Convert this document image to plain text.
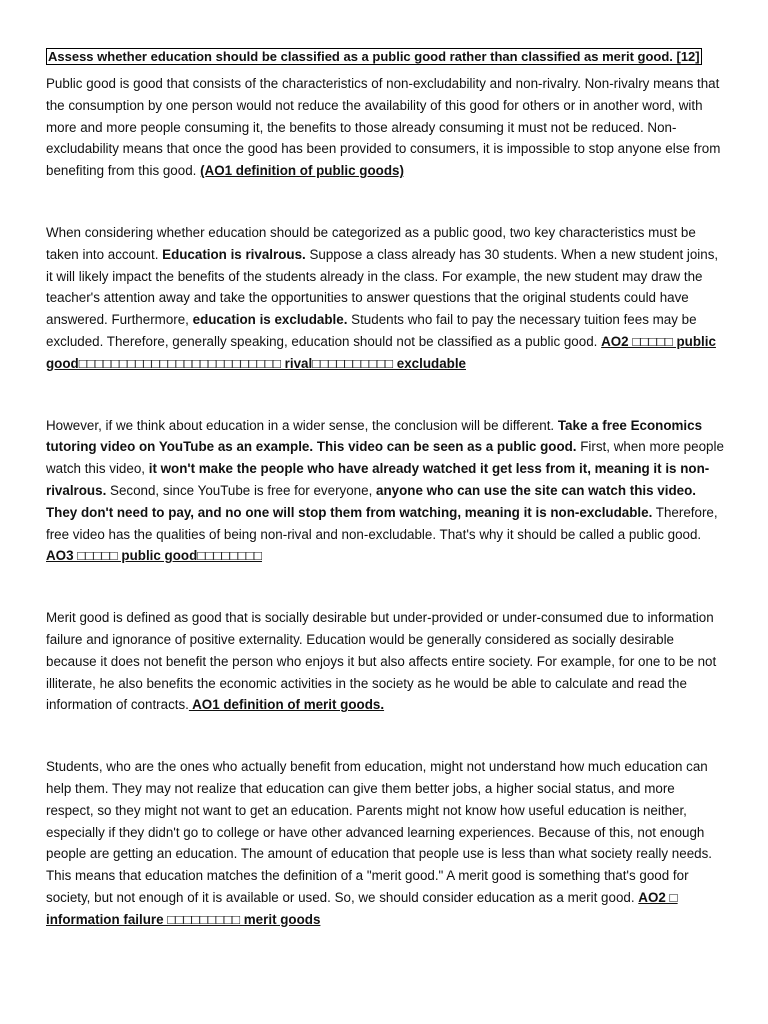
Assess whether education should be classified as a public good rather than classified as merit good. [12]

Public good is good that consists of the characteristics of non-excludability and non-rivalry. Non-rivalry means that the consumption by one person would not reduce the availability of this good for others or in another word, with more and more people consuming it, the benefits to those already consuming it must not be reduced. Non-excludability means that once the good has been provided to consumers, it is impossible to stop anyone else from benefiting from this good. (AO1 definition of public goods)

When considering whether education should be categorized as a public good, two key characteristics must be taken into account. Education is rivalrous. Suppose a class already has 30 students. When a new student joins, it will likely impact the benefits of the students already in the class. For example, the new student may draw the teacher's attention away and take the opportunities to answer questions that the original students could have answered. Furthermore, education is excludable. Students who fail to pay the necessary tuition fees may be excluded. Therefore, generally speaking, education should not be classified as a public good. AO2 □□□□□ public good□□□□□□□□□□□□□□□□□□□□□□□□□ rival□□□□□□□□□□ excludable

However, if we think about education in a wider sense, the conclusion will be different. Take a free Economics tutoring video on YouTube as an example. This video can be seen as a public good. First, when more people watch this video, it won't make the people who have already watched it get less from it, meaning it is non-rivalrous. Second, since YouTube is free for everyone, anyone who can use the site can watch this video. They don't need to pay, and no one will stop them from watching, meaning it is non-excludable. Therefore, free video has the qualities of being non-rival and non-excludable. That's why it should be called a public good. AO3 □□□□□ public good□□□□□□□□

Merit good is defined as good that is socially desirable but under-provided or under-consumed due to information failure and ignorance of positive externality. Education would be generally considered as socially desirable because it does not benefit the person who enjoys it but also affects entire society. For example, for one to be not illiterate, he also benefits the economic activities in the society as he would be able to calculate and read the information of contracts. AO1 definition of merit goods.

Students, who are the ones who actually benefit from education, might not understand how much education can help them. They may not realize that education can give them better jobs, a higher social status, and more respect, so they might not want to get an education. Parents might not know how useful education is neither, especially if they didn't go to college or have other advanced learning experiences. Because of this, not enough people are getting an education. The amount of education that people use is less than what society really needs. This means that education matches the definition of a "merit good." A merit good is something that's good for society, but not enough of it is available or used. So, we should consider education as a merit good. AO2 □ information failure □□□□□□□□□ merit goods
